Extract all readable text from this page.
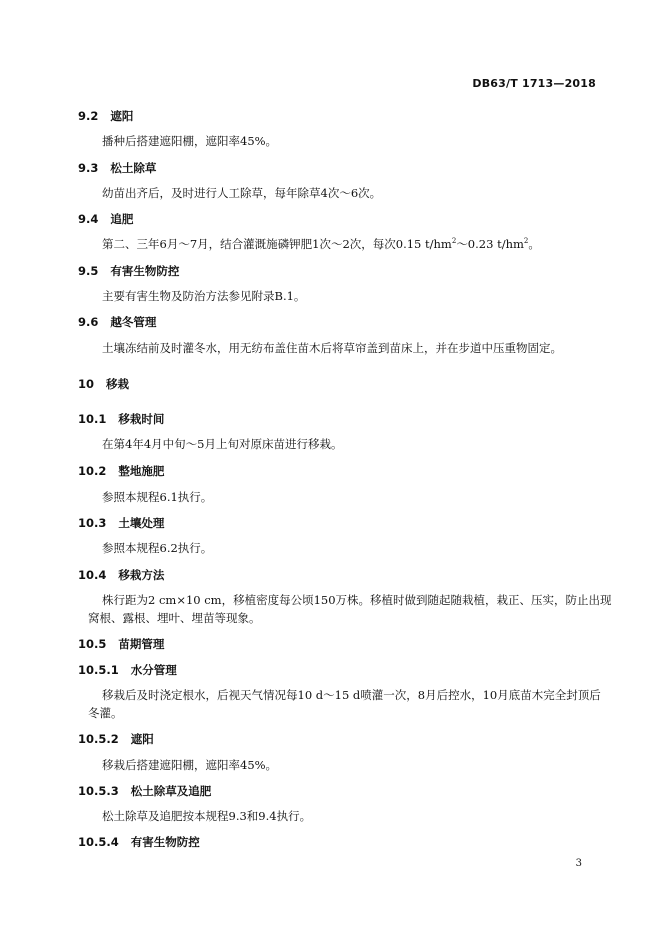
DB63/T 1713—2018
9.2 遮阳
播种后搭建遮阳棚，遮阳率45%。
9.3 松土除草
幼苗出齐后，及时进行人工除草，每年除草4次～6次。
9.4 追肥
第二、三年6月～7月，结合灌溉施磷钾肥1次～2次，每次0.15 $t/hm^2\sim 0.23$ $t/hm^2$。
9.5 有害生物防控
主要有害生物及防治方法参见附录B.1。
9.6 越冬管理
土壤冻结前及时灌冬水，用无纺布盖住苗木后将草帘盖到苗床上，并在步道中压重物固定。
10 移栽
10.1 移栽时间
在第4年4月中旬～5月上旬对原床苗进行移栽。
10.2 整地施肥
参照本规程6.1执行。
10.3 土壤处理
参照本规程6.2执行。
10.4 移栽方法
株行距为2 cm×10 cm，移植密度每公顷150万株。移植时做到随起随栽植，栽正、压实，防止出现
窝根、露根、埋叶、埋苗等现象。
10.5 苗期管理
10.5.1 水分管理
移栽后及时浇定根水，后视天气情况每10 d～15 d喷灌一次，8月后控水，10月底苗木完全封顶后
冬灌。
10.5.2 遮阳
移栽后搭建遮阳棚，遮阳率45%。
10.5.3 松土除草及追肥
松土除草及追肥按本规程9.3和9.4执行。
10.5.4 有害生物防控
3
